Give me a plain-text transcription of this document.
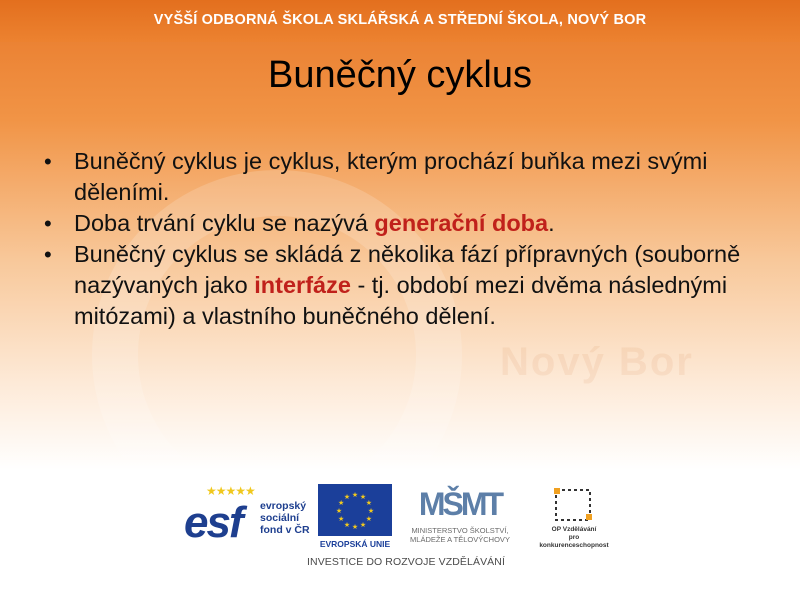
VYŠŠÍ ODBORNÁ ŠKOLA SKLÁŘSKÁ A STŘEDNÍ ŠKOLA, NOVÝ BOR
Nový Bor
Buněčný cyklus
• Buněčný cyklus je cyklus, kterým prochází buňka mezi svými děleními.
• Doba trvání cyklu se nazývá generační doba.
• Buněčný cyklus se skládá z několika fází přípravných (souborně nazývaných jako interfáze - tj. období mezi dvěma následnými mitózami) a vlastního buněčného dělení.
★★★★★
esf evropský
sociální
fond v ČR
★
★
★
★
★
★
★
★
★ ★ ★
★
EVROPSKÁ UNIE
MŠMT
MINISTERSTVO ŠKOLSTVÍ,
MLÁDEŽE A TĚLOVÝCHOVY
OP Vzdělávání
pro konkurenceschopnost
INVESTICE DO ROZVOJE VZDĚLÁVÁNÍ
